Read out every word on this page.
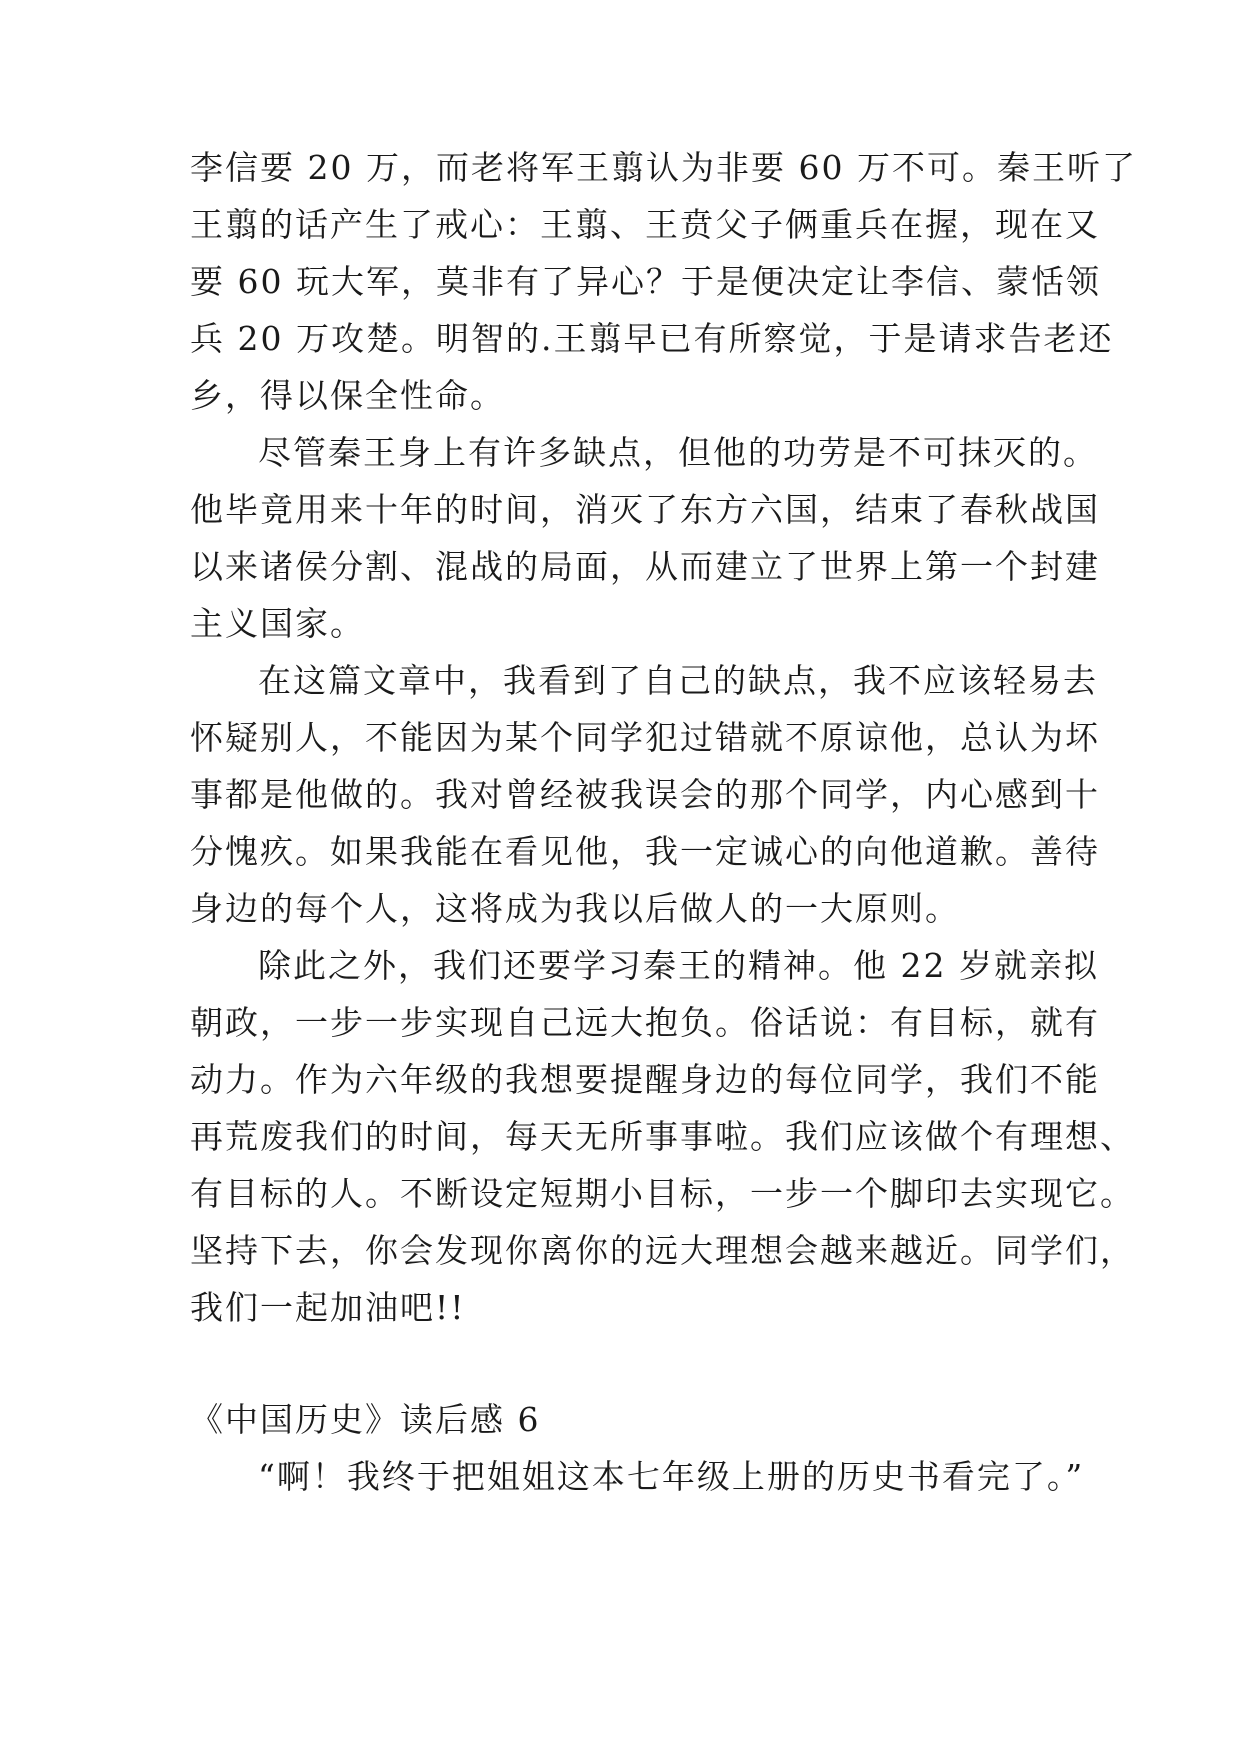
李信要 20 万，而老将军王翦认为非要 60 万不可。秦王听了
王翦的话产生了戒心：王翦、王贲父子俩重兵在握，现在又
要 60 玩大军，莫非有了异心？于是便决定让李信、蒙恬领
兵 20 万攻楚。明智的.王翦早已有所察觉，于是请求告老还
乡，得以保全性命。
尽管秦王身上有许多缺点，但他的功劳是不可抹灭的。
他毕竟用来十年的时间，消灭了东方六国，结束了春秋战国
以来诸侯分割、混战的局面，从而建立了世界上第一个封建
主义国家。
在这篇文章中，我看到了自己的缺点，我不应该轻易去
怀疑别人，不能因为某个同学犯过错就不原谅他，总认为坏
事都是他做的。我对曾经被我误会的那个同学，内心感到十
分愧疚。如果我能在看见他，我一定诚心的向他道歉。善待
身边的每个人，这将成为我以后做人的一大原则。
除此之外，我们还要学习秦王的精神。他 22 岁就亲拟
朝政，一步一步实现自己远大抱负。俗话说：有目标，就有
动力。作为六年级的我想要提醒身边的每位同学，我们不能
再荒废我们的时间，每天无所事事啦。我们应该做个有理想、
有目标的人。不断设定短期小目标，一步一个脚印去实现它。
坚持下去，你会发现你离你的远大理想会越来越近。同学们，
我们一起加油吧!!
《中国历史》读后感 6
“啊！我终于把姐姐这本七年级上册的历史书看完了。”
